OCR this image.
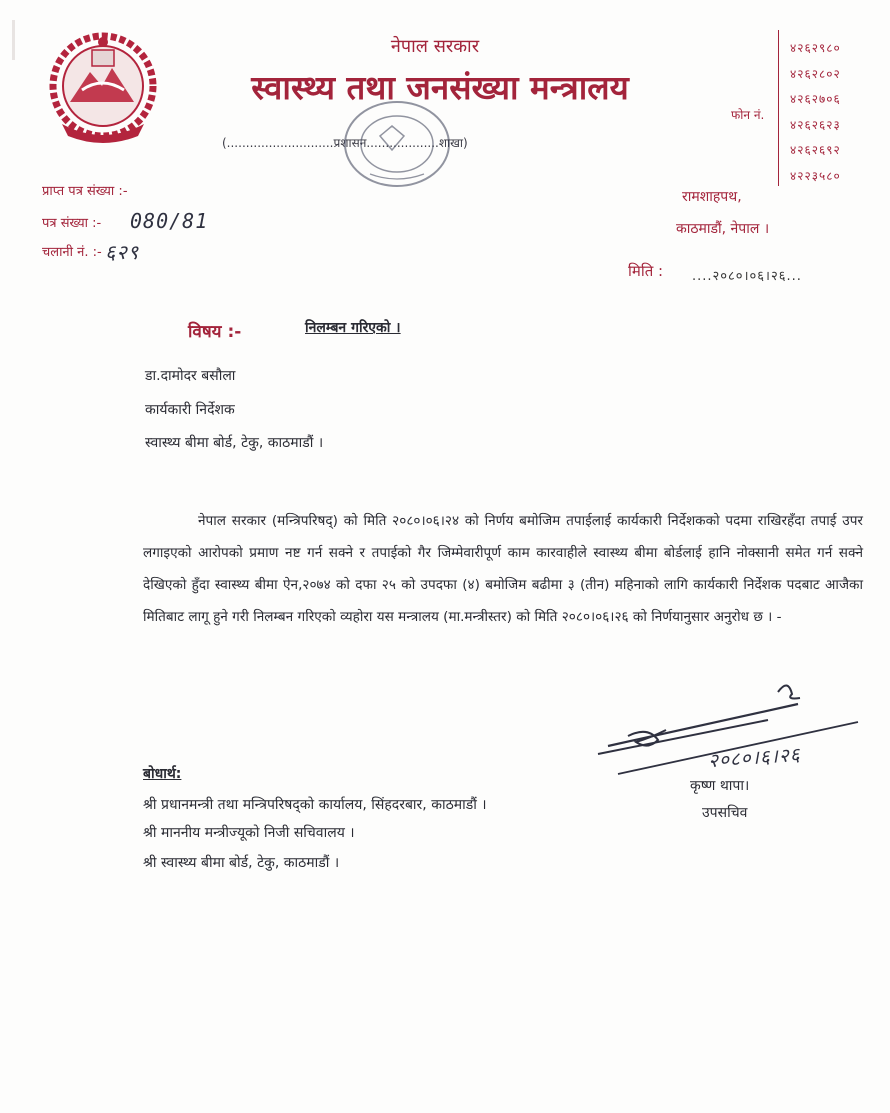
नेपाल सरकार
स्वास्थ्य तथा जनसंख्या मन्त्रालय
(............................प्रशासन...................शाखा)
फोन नं.
४२६२९८०
४२६२८०२
४२६२७०६
४२६२६२३
४२६२६९२
४२२३५८०
रामशाहपथ,
काठमाडौं, नेपाल ।
प्राप्त पत्र संख्या :-
पत्र संख्या :- 080/81
चलानी नं. :- ६२९
मिति : ....२०८०।०६।२६...
विषय :-	निलम्बन गरिएको ।
डा.दामोदर बसौला
कार्यकारी निर्देशक
स्वास्थ्य बीमा बोर्ड, टेकु, काठमाडौं ।
नेपाल सरकार (मन्त्रिपरिषद्) को मिति २०८०।०६।२४ को निर्णय बमोजिम तपाईलाई कार्यकारी निर्देशकको पदमा राखिरहँदा तपाई उपर लगाइएको आरोपको प्रमाण नष्ट गर्न सक्ने र तपाईको गैर जिम्मेवारीपूर्ण काम कारवाहीले स्वास्थ्य बीमा बोर्डलाई हानि नोक्सानी समेत गर्न सक्ने देखिएको हुँदा स्वास्थ्य बीमा ऐन,२०७४ को दफा २५ को उपदफा (४) बमोजिम बढीमा ३ (तीन) महिनाको लागि कार्यकारी निर्देशक पदबाट आजैका मितिबाट लागू हुने गरी निलम्बन गरिएको व्यहोरा यस मन्त्रालय (मा.मन्त्रीस्तर) को मिति २०८०।०६।२६ को निर्णयानुसार अनुरोध छ । -
२०८०।६।२६
कृष्ण थापा।
उपसचिव
बोधार्थ:
श्री प्रधानमन्त्री तथा मन्त्रिपरिषद्को कार्यालय, सिंहदरबार, काठमाडौं ।
श्री माननीय मन्त्रीज्यूको निजी सचिवालय ।
श्री स्वास्थ्य बीमा बोर्ड, टेकु, काठमाडौं ।
